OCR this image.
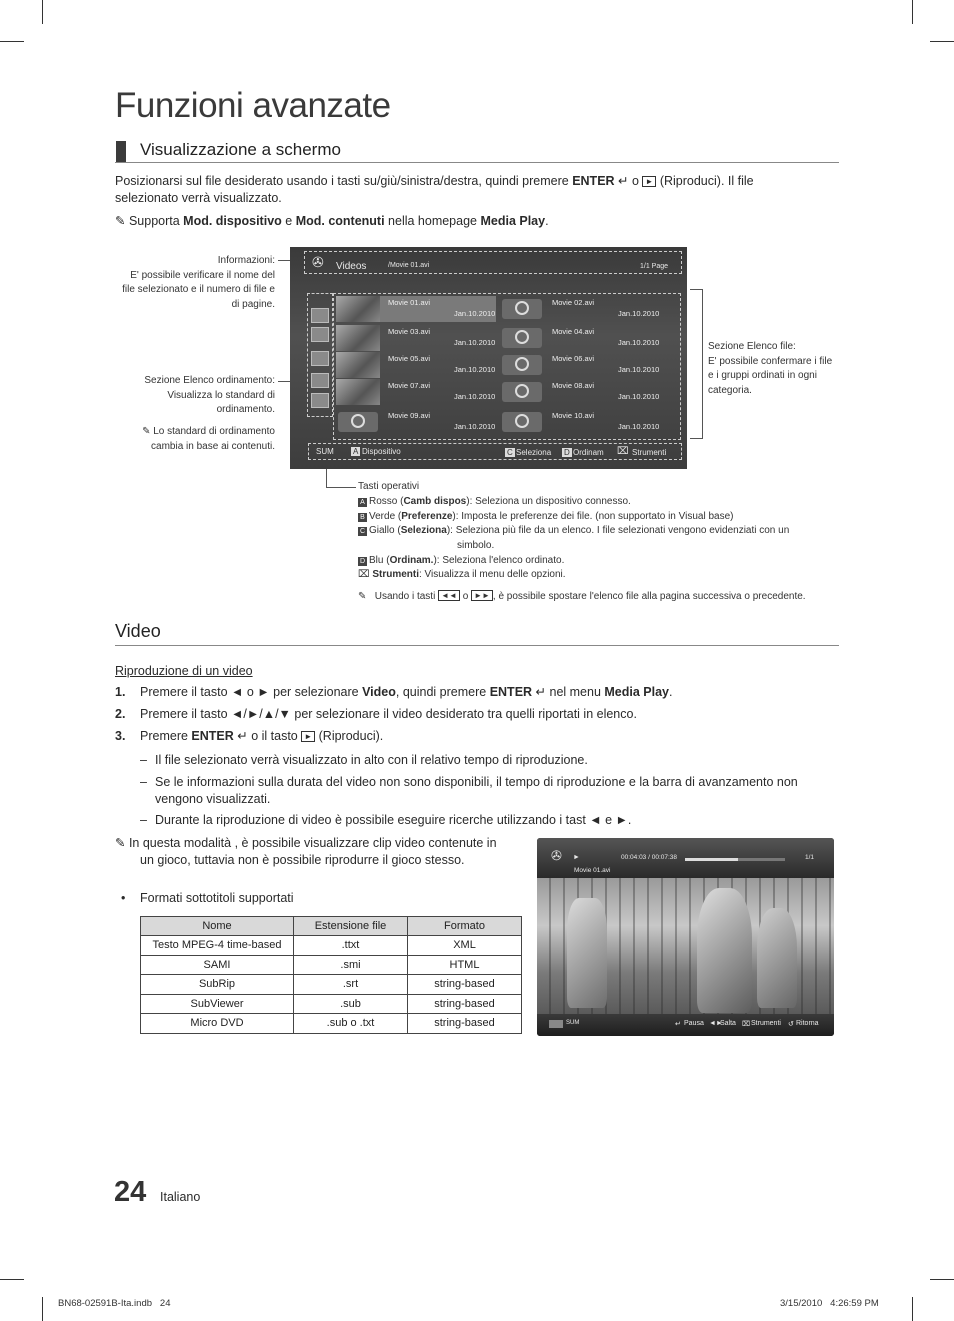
Funzioni avanzate
Visualizzazione a schermo
Posizionarsi sul file desiderato usando i tasti su/giù/sinistra/destra, quindi premere ENTER ↵ o ► (Riproduci). Il file
selezionato verrà visualizzato.
✎ Supporta Mod. dispositivo e Mod. contenuti nella homepage Media Play.
Informazioni:
E' possibile verificare il nome del
file selezionato e il numero di file e
di pagine.
Sezione Elenco ordinamento:
Visualizza lo standard di
ordinamento.
✎ Lo standard di ordinamento
cambia in base ai contenuti.
Sezione Elenco file:
E' possibile confermare i file
e i gruppi ordinati in ogni
categoria.
✇ Videos	/Movie 01.avi	1/1 Page
Movie 01.avi
Jan.10.2010
Movie 02.avi
Jan.10.2010
Movie 03.avi
Jan.10.2010
Movie 04.avi
Jan.10.2010
Movie 05.avi
Jan.10.2010
Movie 06.avi
Jan.10.2010
Movie 07.avi
Jan.10.2010
Movie 08.avi
Jan.10.2010
Movie 09.avi
Jan.10.2010
Movie 10.avi
Jan.10.2010
SUM A Dispositivo	C Seleziona D Ordinam ⌧ Strumenti
Tasti operativi
A Rosso (Camb dispos): Seleziona un dispositivo connesso.
B Verde (Preferenze): Imposta le preferenze dei file. (non supportato in Visual base)
C Giallo (Seleziona): Seleziona più file da un elenco. I file selezionati vengono evidenziati con un
simbolo.
D Blu (Ordinam.): Seleziona l'elenco ordinato.
⌧ Strumenti: Visualizza il menu delle opzioni.
✎   Usando i tasti ◄◄ o ►► , è possibile spostare l'elenco file alla pagina successiva o precedente.
Video
Riproduzione di un video
1. Premere il tasto ◄ o ► per selezionare Video, quindi premere ENTER ↵ nel menu Media Play.
2. Premere il tasto ◄/►/▲/▼ per selezionare il video desiderato tra quelli riportati in elenco.
3. Premere ENTER ↵ o il tasto ► (Riproduci).
– Il file selezionato verrà visualizzato in alto con il relativo tempo di riproduzione.
– Se le informazioni sulla durata del video non sono disponibili, il tempo di riproduzione e la barra di avanzamento non
vengono visualizzati.
– Durante la riproduzione di video è possibile eseguire ricerche utilizzando i tast ◄ e ►.
✎ In questa modalità , è possibile visualizzare clip video contenute in
un gioco, tuttavia non è possibile riprodurre il gioco stesso.
• Formati sottotitoli supportati
Nome	Estensione file	Formato
Testo MPEG-4 time-based	.ttxt	XML
SAMI	.smi	HTML
SubRip	.srt	string-based
SubViewer	.sub	string-based
Micro DVD	.sub o .txt	string-based
✇ ►	00:04:03 / 00:07:38	1/1
Movie 01.avi
SUM	↵ Pausa ◄►
Salta ⌧ Strumenti ↺ Ritorna
24 Italiano
BN68-02591B-Ita.indb   24	3/15/2010   4:26:59 PM
